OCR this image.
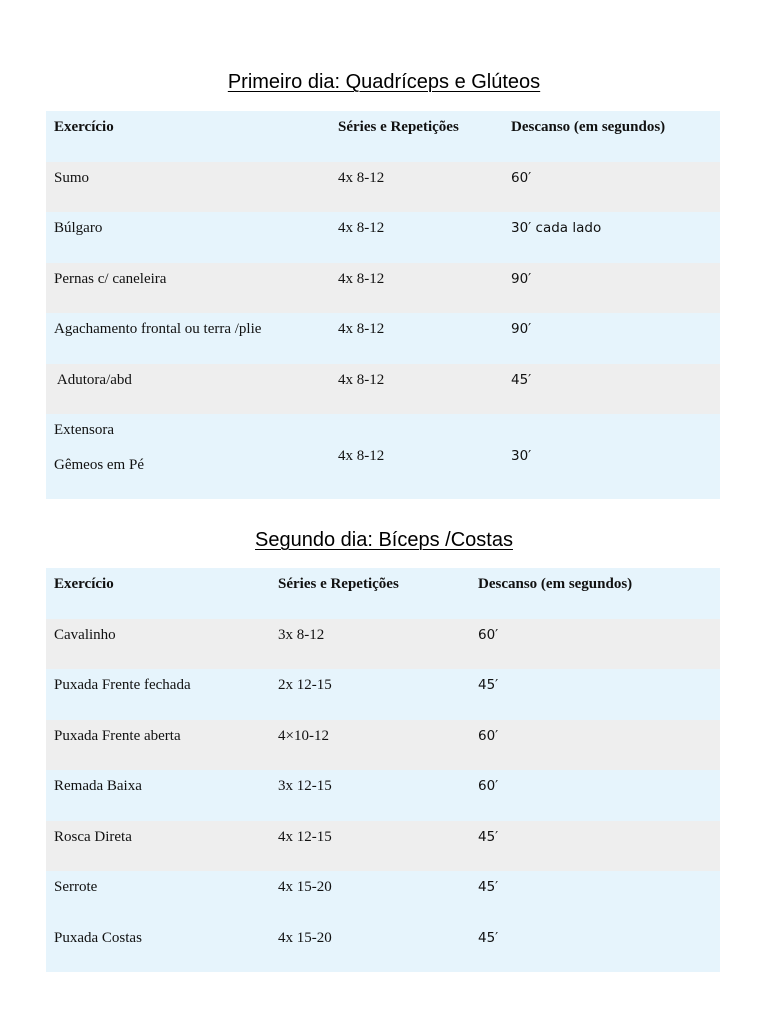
Primeiro dia: Quadríceps e Glúteos
Exercício	Séries e Repetições	Descanso (em segundos)
Sumo	4x 8-12	60′
Búlgaro	4x 8-12	30′ cada lado
Pernas c/ caneleira	4x 8-12	90′
Agachamento frontal ou terra /plie	4x 8-12	90′
Adutora/abd	4x 8-12	45′
Extensora
Gêmeos em Pé
4x 8-12	30′
Segundo dia: Bíceps /Costas
Exercício	Séries e Repetições	Descanso (em segundos)
Cavalinho	3x 8-12	60′
Puxada Frente fechada	2x 12-15	45′
Puxada Frente aberta	4×10-12	60′
Remada Baixa	3x 12-15	60′
Rosca Direta	4x 12-15	45′
Serrote	4x 15-20	45′
Puxada Costas	4x 15-20	45′
